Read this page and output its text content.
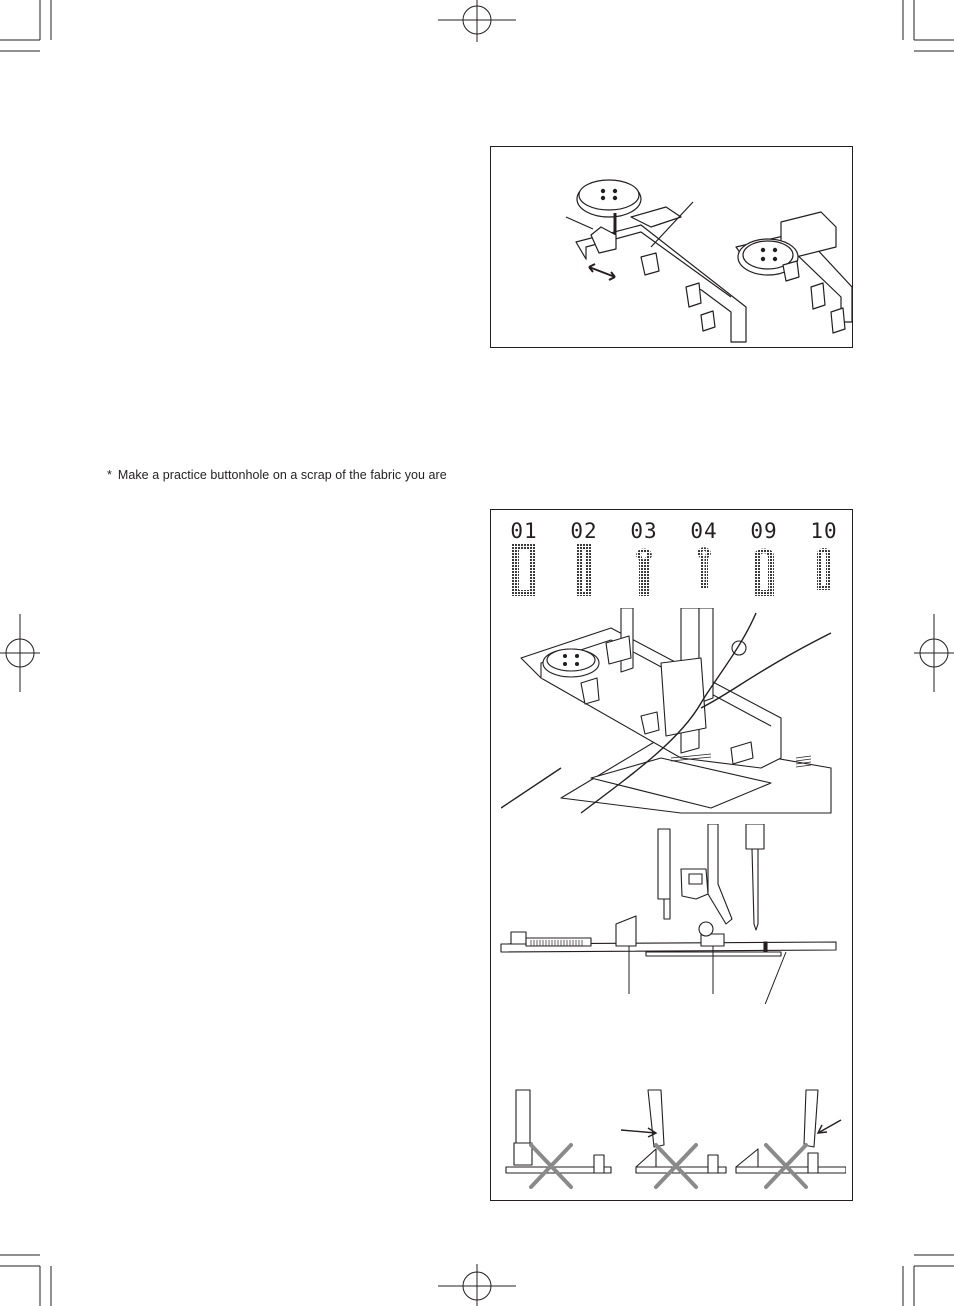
* Make a practice buttonhole on a scrap of the fabric you are
01	02	03	04	09	10
